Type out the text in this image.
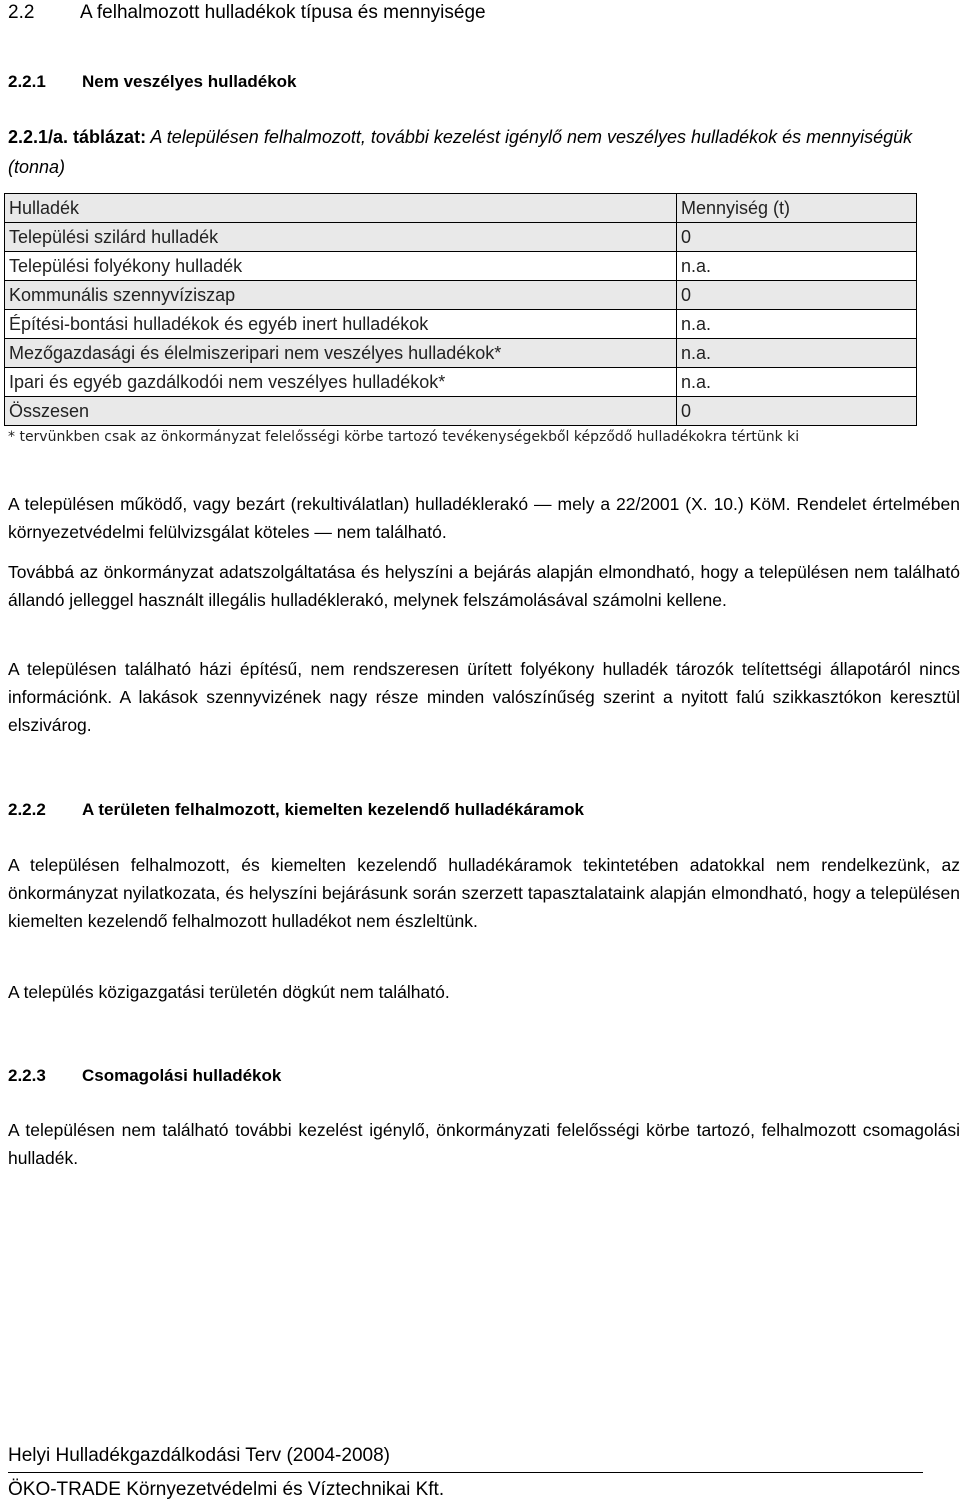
2.2 A felhalmozott hulladékok típusa és mennyisége
2.2.1 Nem veszélyes hulladékok
2.2.1/a. táblázat: A településen felhalmozott, további kezelést igénylő nem veszélyes hulladékok és mennyiségük (tonna)
Hulladék	Mennyiség (t)
Települési szilárd hulladék	0
Települési folyékony hulladék	n.a.
Kommunális szennyvíziszap	0
Építési-bontási hulladékok és egyéb inert hulladékok	n.a.
Mezőgazdasági és élelmiszeripari nem veszélyes hulladékok*	n.a.
Ipari és egyéb gazdálkodói nem veszélyes hulladékok*	n.a.
Összesen	0
* tervünkben csak az önkormányzat felelősségi körbe tartozó tevékenységekből képződő hulladékokra tértünk ki
A településen működő, vagy bezárt (rekultiválatlan) hulladéklerakó — mely a 22/2001 (X. 10.) KöM. Rendelet értelmében környezetvédelmi felülvizsgálat köteles — nem található.
Továbbá az önkormányzat adatszolgáltatása és helyszíni a bejárás alapján elmondható, hogy a településen nem található állandó jelleggel használt illegális hulladéklerakó, melynek felszámolásával számolni kellene.
A településen található házi építésű, nem rendszeresen ürített folyékony hulladék tározók telítettségi állapotáról nincs információnk. A lakások szennyvizének nagy része minden valószínűség szerint a nyitott falú szikkasztókon keresztül elszivárog.
2.2.2 A területen felhalmozott, kiemelten kezelendő hulladékáramok
A településen felhalmozott, és kiemelten kezelendő hulladékáramok tekintetében adatokkal nem rendelkezünk, az önkormányzat nyilatkozata, és helyszíni bejárásunk során szerzett tapasztalataink alapján elmondható, hogy a településen kiemelten kezelendő felhalmozott hulladékot nem észleltünk.
A település közigazgatási területén dögkút nem található.
2.2.3 Csomagolási hulladékok
A településen nem található további kezelést igénylő, önkormányzati felelősségi körbe tartozó, felhalmozott csomagolási hulladék.
Helyi Hulladékgazdálkodási Terv (2004-2008)
ÖKO-TRADE Környezetvédelmi és Víztechnikai Kft.
